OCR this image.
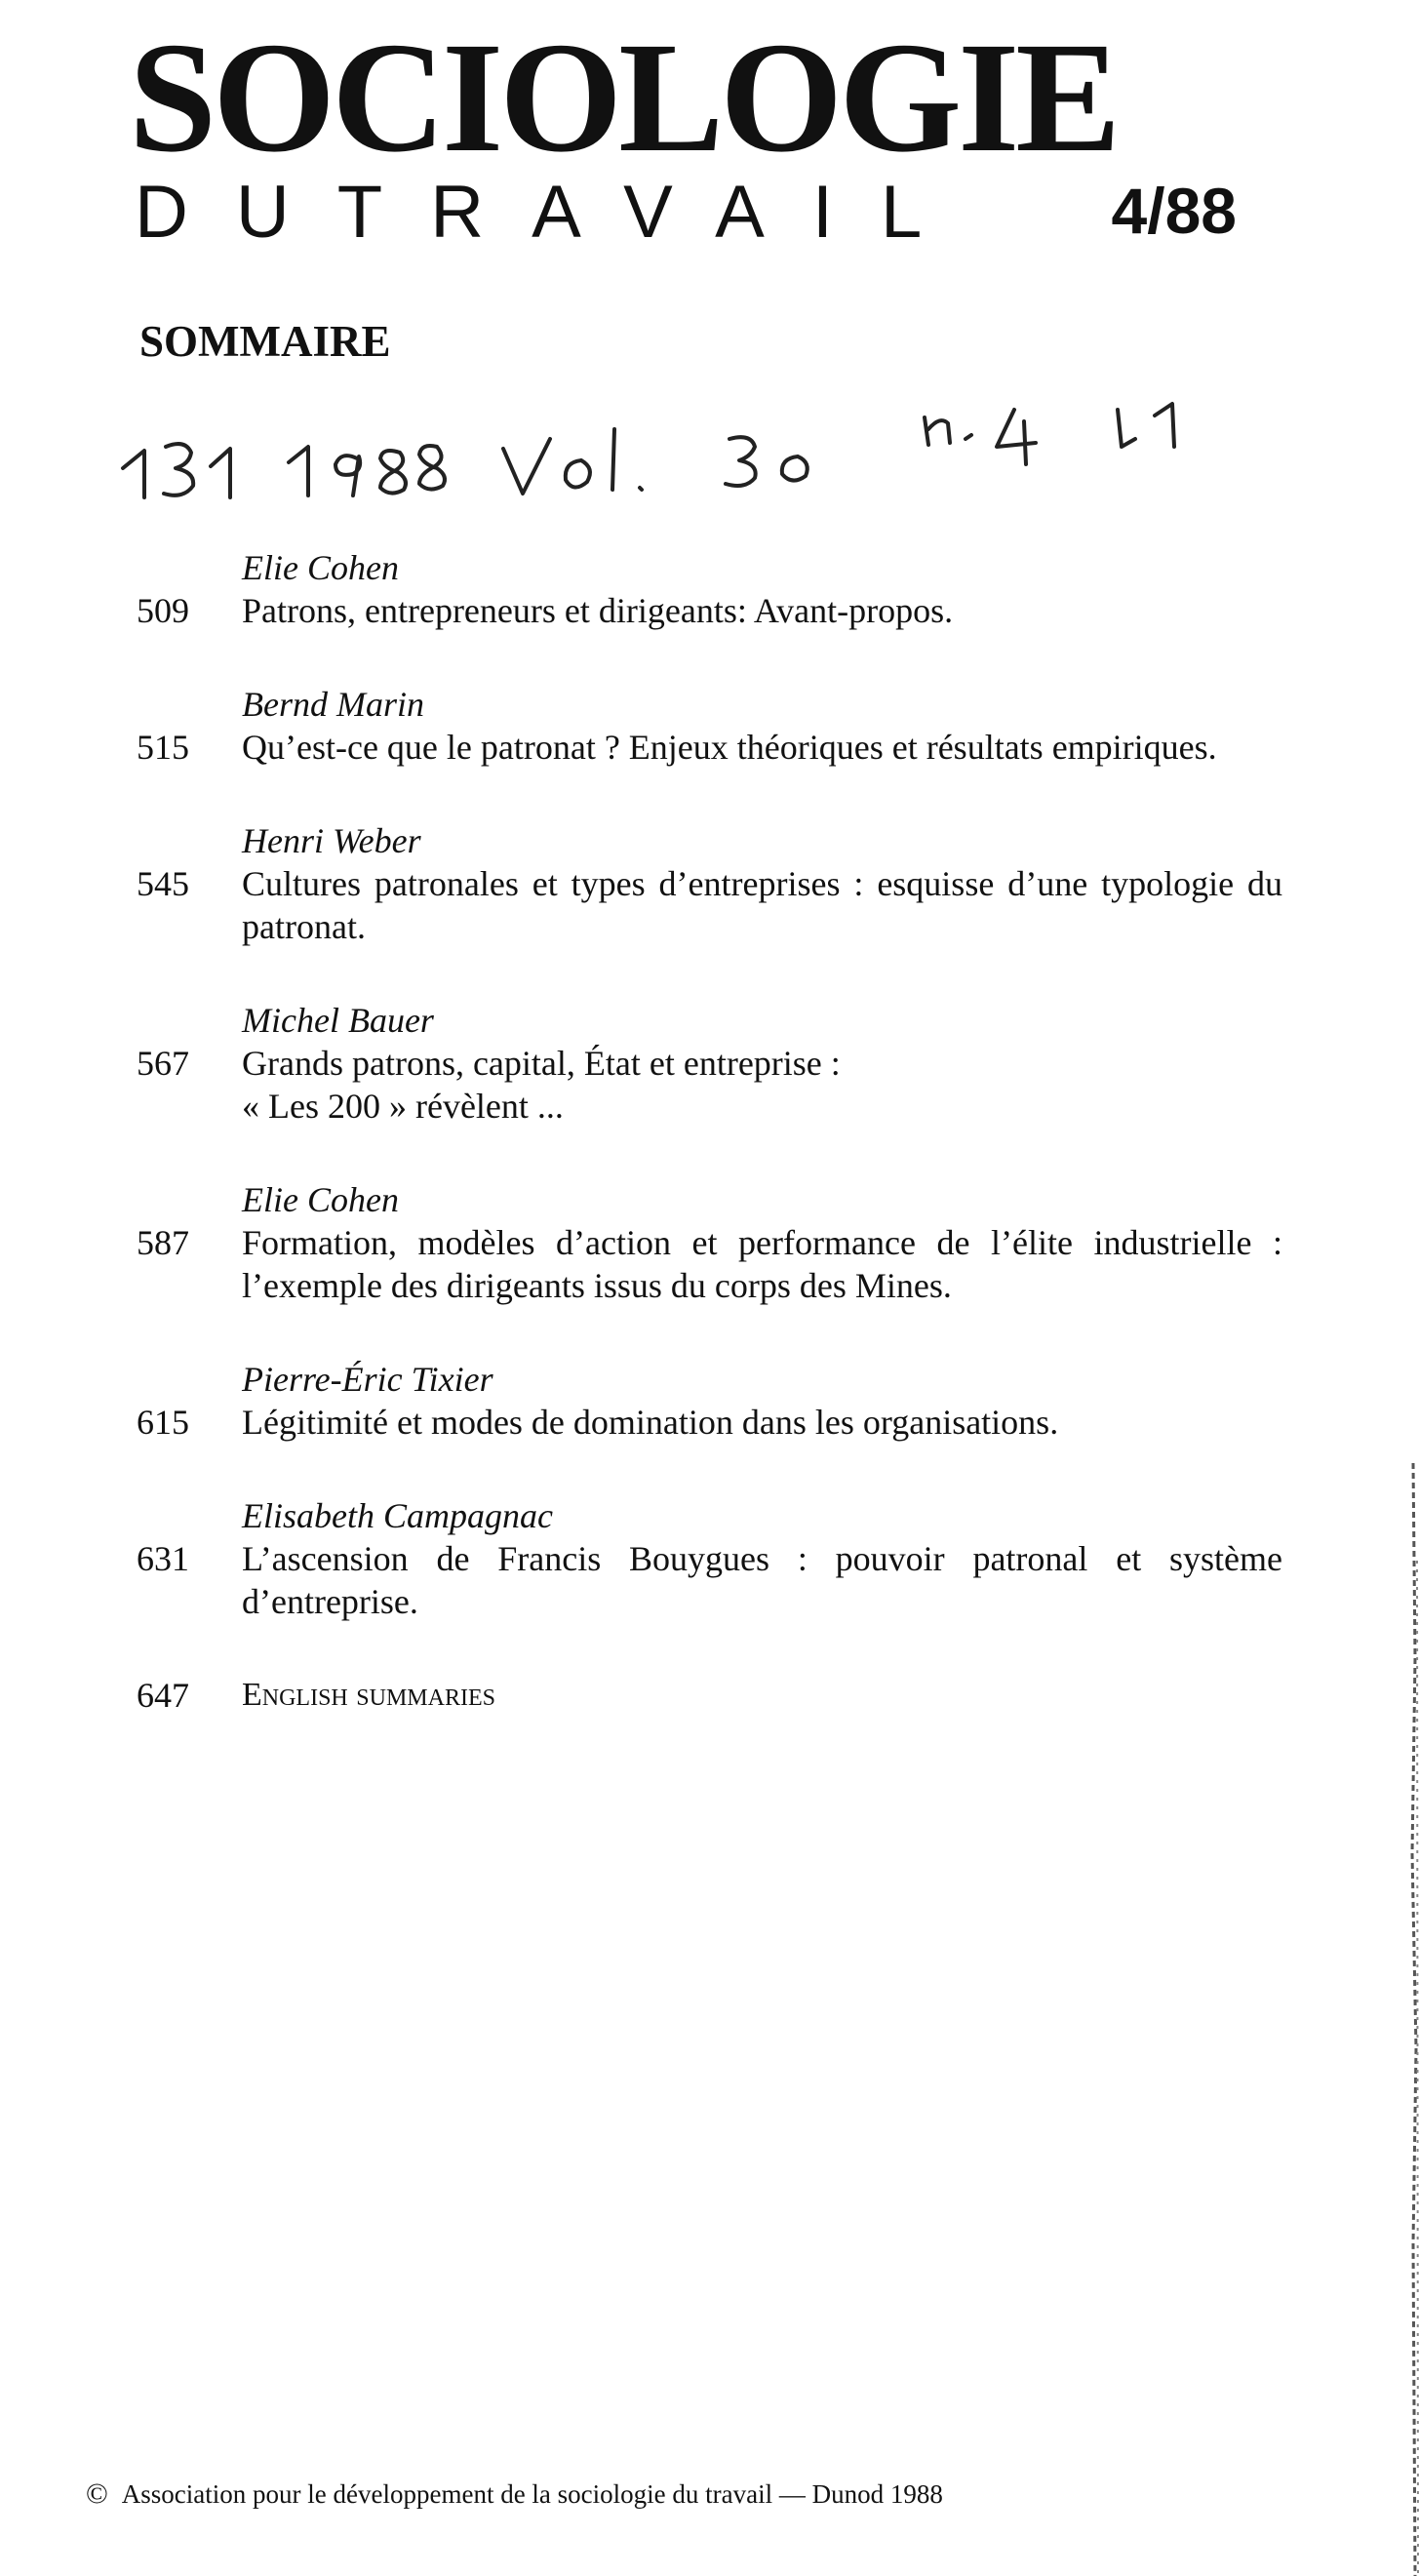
SOCIOLOGIE
DUTRAVAIL 4/88
SOMMAIRE
Elie Cohen
509	Patrons, entrepreneurs et dirigeants: Avant-propos.
Bernd Marin
515	Qu’est-ce que le patronat ? Enjeux théoriques et résultats empiriques.
Henri Weber
545	Cultures patronales et types d’entreprises : esquisse d’une typologie du patronat.
Michel Bauer
567	Grands patrons, capital, État et entreprise :
« Les 200 » révèlent ...
Elie Cohen
587	Formation, modèles d’action et performance de l’élite industrielle : l’exemple des dirigeants issus du corps des Mines.
Pierre-Éric Tixier
615	Légitimité et modes de domination dans les organisations.
Elisabeth Campagnac
631	L’ascension de Francis Bouygues : pouvoir patronal et système d’entreprise.
647	English summaries
© Association pour le développement de la sociologie du travail — Dunod 1988
